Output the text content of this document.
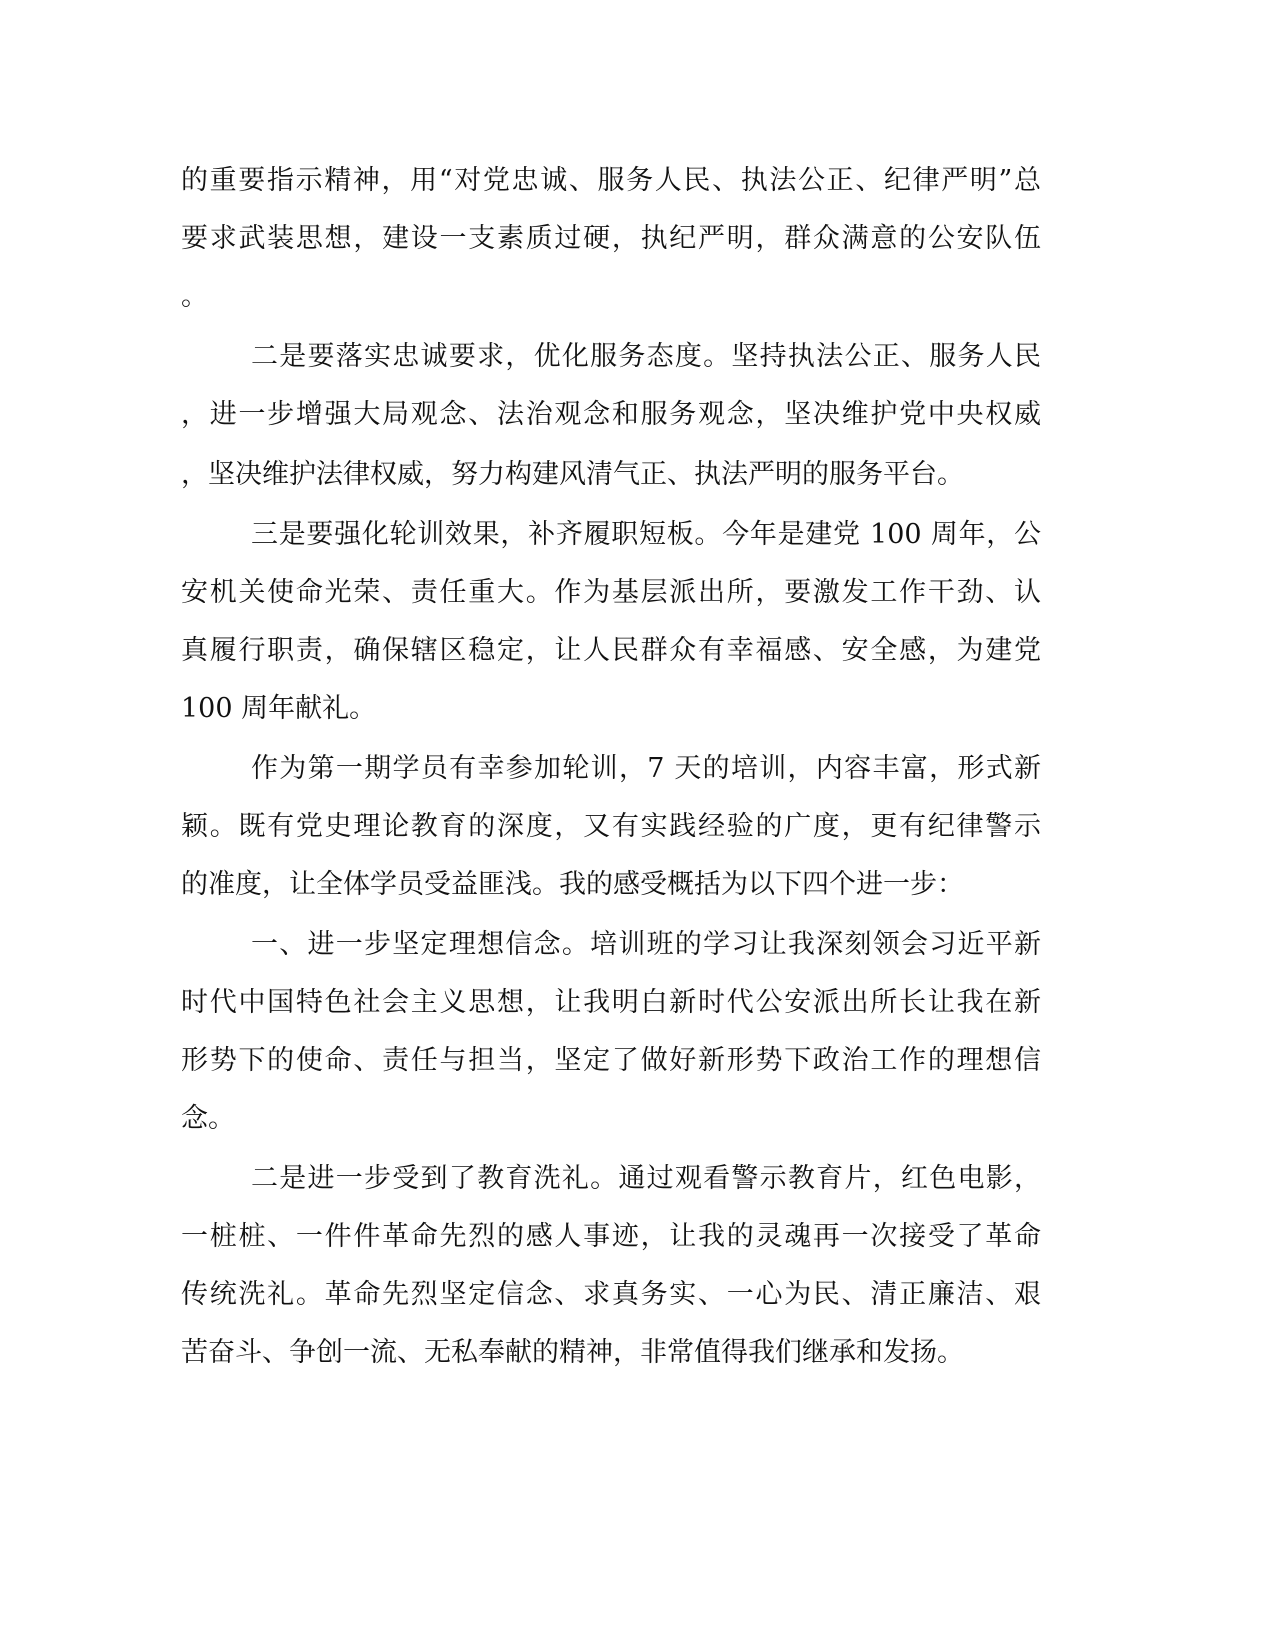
的重要指示精神，用“对党忠诚、服务人民、执法公正、纪律严明”总
要求武装思想，建设一支素质过硬，执纪严明，群众满意的公安队伍
。
二是要落实忠诚要求，优化服务态度。坚持执法公正、服务人民
，进一步增强大局观念、法治观念和服务观念，坚决维护党中央权威
，坚决维护法律权威，努力构建风清气正、执法严明的服务平台。
三是要强化轮训效果，补齐履职短板。今年是建党 100 周年，公
安机关使命光荣、责任重大。作为基层派出所，要激发工作干劲、认
真履行职责，确保辖区稳定，让人民群众有幸福感、安全感，为建党
100 周年献礼。
作为第一期学员有幸参加轮训，7 天的培训，内容丰富，形式新
颖。既有党史理论教育的深度，又有实践经验的广度，更有纪律警示
的准度，让全体学员受益匪浅。我的感受概括为以下四个进一步：
一、进一步坚定理想信念。培训班的学习让我深刻领会习近平新
时代中国特色社会主义思想，让我明白新时代公安派出所长让我在新
形势下的使命、责任与担当，坚定了做好新形势下政治工作的理想信
念。
二是进一步受到了教育洗礼。通过观看警示教育片，红色电影，
一桩桩、一件件革命先烈的感人事迹，让我的灵魂再一次接受了革命
传统洗礼。革命先烈坚定信念、求真务实、一心为民、清正廉洁、艰
苦奋斗、争创一流、无私奉献的精神，非常值得我们继承和发扬。
